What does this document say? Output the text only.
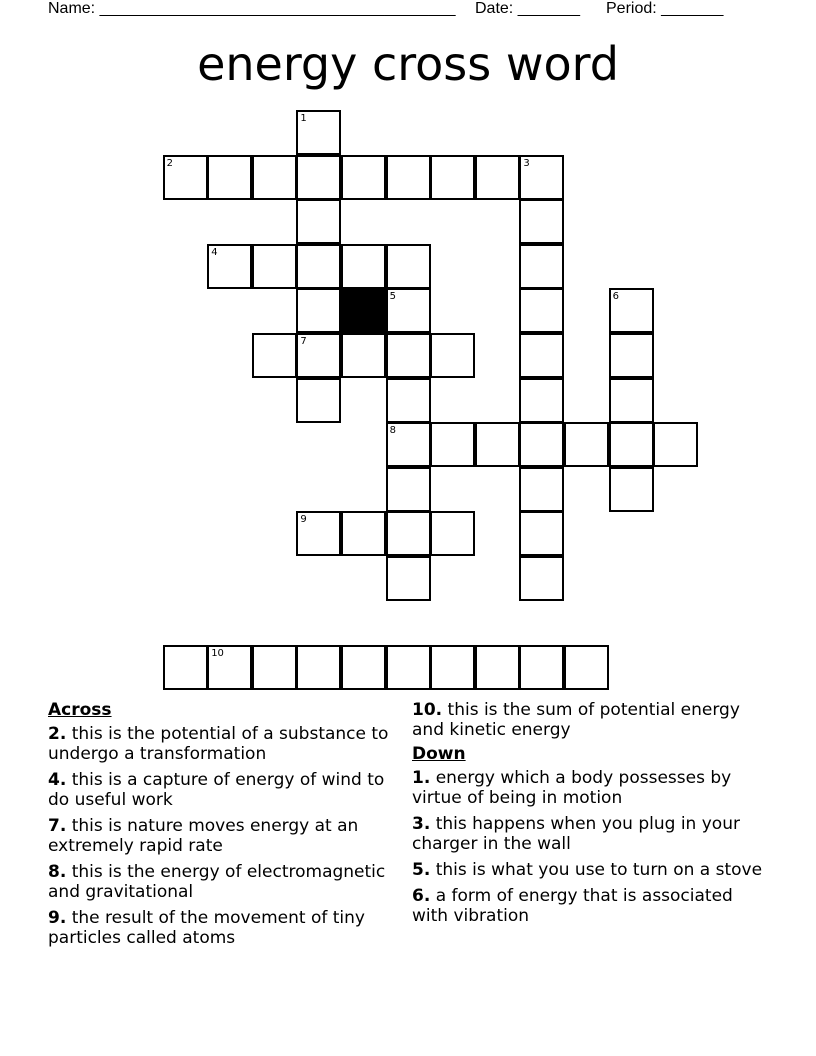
Name: ________________________________________ Date: _______ Period: _______
energy cross word
1
2	3
4
5	6
7
8
9
10
Across
2. this is the potential of a substance to undergo a transformation
4. this is a capture of energy of wind to do useful work
7. this is nature moves energy at an extremely rapid rate
8. this is the energy of electromagnetic and gravitational
9. the result of the movement of tiny particles called atoms
10. this is the sum of potential energy and kinetic energy
Down
1. energy which a body possesses by virtue of being in motion
3. this happens when you plug in your charger in the wall
5. this is what you use to turn on a stove
6. a form of energy that is associated with vibration
